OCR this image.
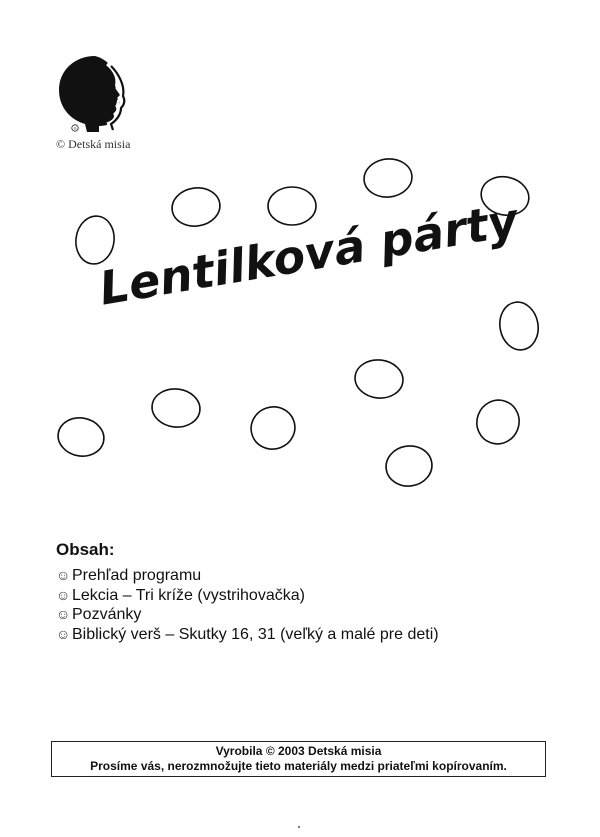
®
© Detská misia
Lentilková párty
Obsah:
☺ Prehľad programu
☺ Lekcia – Tri kríže (vystrihovačka)
☺ Pozvánky
☺ Biblický verš – Skutky 16, 31 (veľký a malé pre deti)
Vyrobila © 2003 Detská misia
Prosíme vás, nerozmnožujte tieto materiály medzi priateľmi kopírovaním.
